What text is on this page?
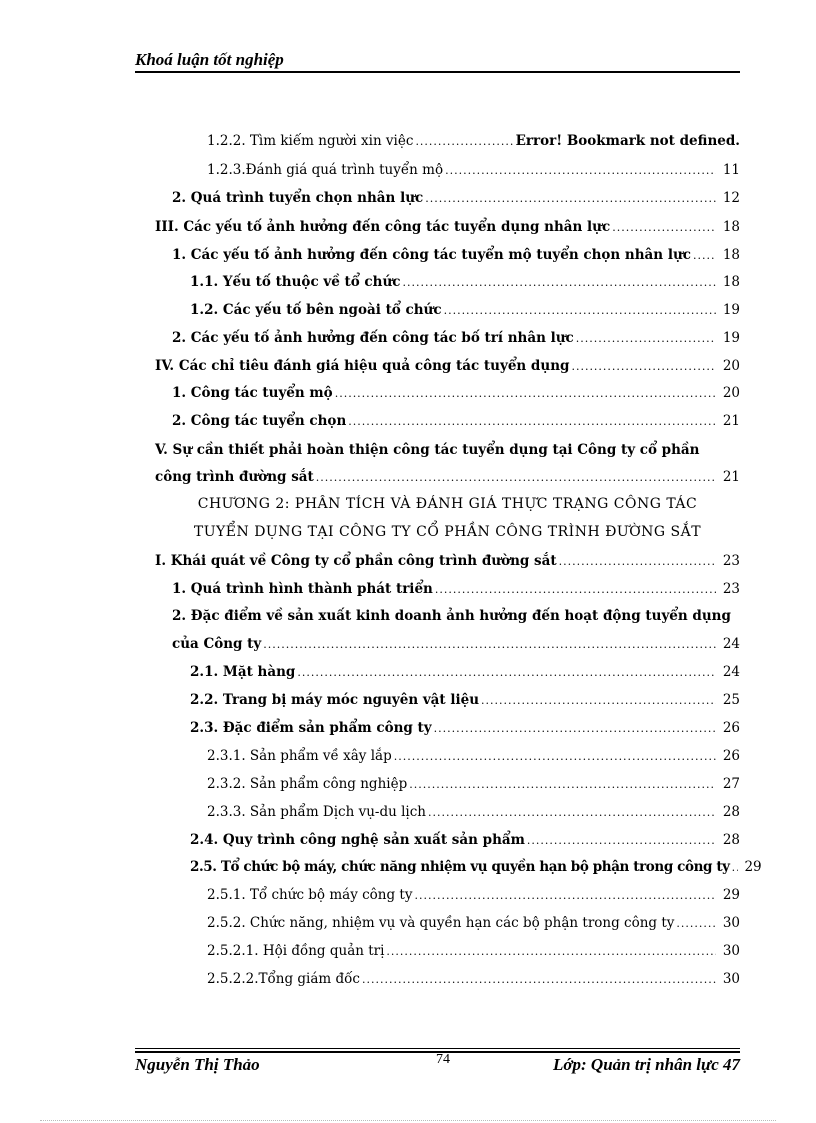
Khoá luận tốt nghiệp
1.2.2. Tìm kiếm người xin việc .....	Error! Bookmark not defined.
1.2.3.Đánh giá quá trình tuyển mộ .....	11
2. Quá trình tuyển chọn nhân lực .....	12
III. Các yếu tố ảnh hưởng đến công tác tuyển dụng nhân lực .....	18
1. Các yếu tố ảnh hưởng đến công tác tuyển mộ tuyển chọn nhân lực .....	18
1.1. Yếu tố thuộc về tổ chức .....	18
1.2. Các yếu tố bên ngoài tổ chức .....	19
2. Các yếu tố ảnh hưởng đến công tác bố trí nhân lực .....	19
IV. Các chỉ tiêu đánh giá hiệu quả công tác tuyển dụng .....	20
1. Công tác tuyển mộ .....	20
2. Công tác tuyển chọn .....	21
V. Sự cần thiết phải hoàn thiện công tác tuyển dụng tại Công ty cổ phần
công trình đường sắt .....	21
I. Khái quát về Công ty cổ phần công trình đường sắt .....	23
1. Quá trình hình thành phát triển .....	23
2. Đặc điểm về sản xuất kinh doanh ảnh hưởng đến hoạt động tuyển dụng
của Công ty .....	24
2.1. Mặt hàng .....	24
2.2. Trang bị máy móc nguyên vật liệu .....	25
2.3. Đặc điểm sản phẩm công ty .....	26
2.3.1. Sản phẩm về xây lắp .....	26
2.3.2. Sản phẩm công nghiệp .....	27
2.3.3. Sản phẩm Dịch vụ-du lịch .....	28
2.4. Quy trình công nghệ sản xuất sản phẩm .....	28
2.5. Tổ chức bộ máy, chức năng nhiệm vụ quyền hạn bộ phận trong công ty .....	29
2.5.1. Tổ chức bộ máy công ty .....	29
2.5.2. Chức năng, nhiệm vụ và quyền hạn các bộ phận trong công ty .....	30
2.5.2.1. Hội đồng quản trị .....	30
2.5.2.2.Tổng giám đốc .....	30
CHƯƠNG 2: PHÂN TÍCH VÀ ĐÁNH GIÁ THỰC TRẠNG CÔNG TÁC
TUYỂN DỤNG TẠI CÔNG TY CỔ PHẦN CÔNG TRÌNH ĐƯỜNG SẮT
Nguyễn Thị Thảo	74	Lớp: Quản trị nhân lực 47
